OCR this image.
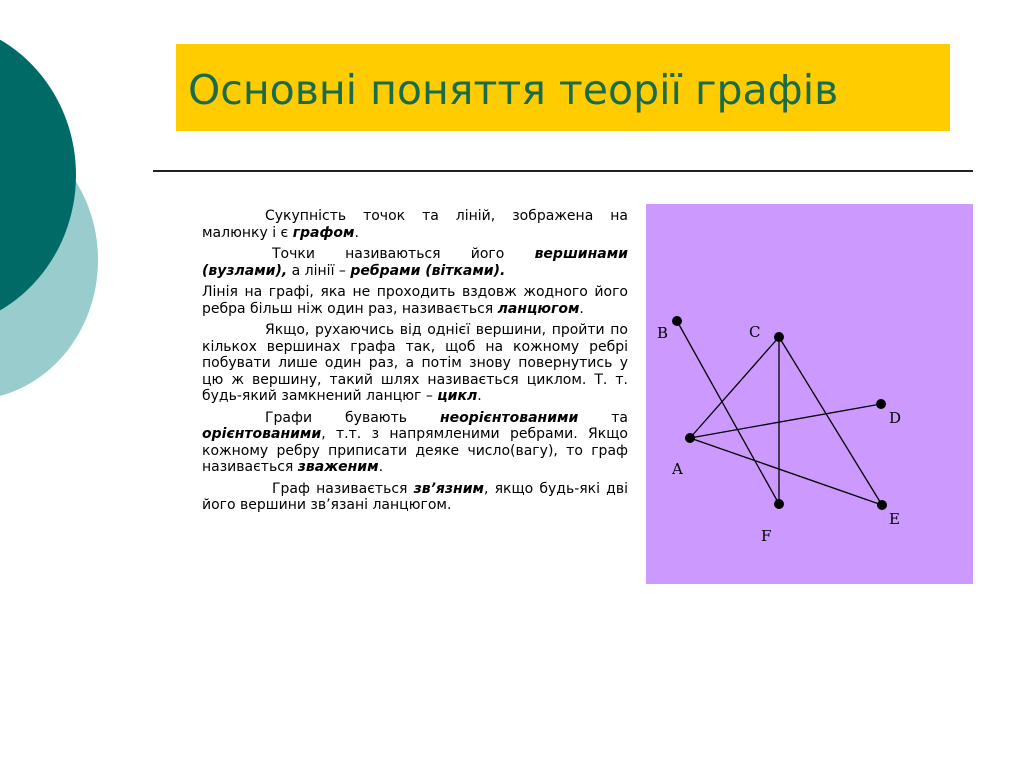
Основні поняття теорії графів

Сукупність точок та ліній, зображена на малюнку і є графом.

Точки називаються його вершинами (вузлами), а лінії – ребрами (вітками).

Лінія на графі, яка не проходить вздовж жодного його ребра більш ніж один раз, називається ланцюгом.

Якщо, рухаючись від однієї вершини, пройти по кількох вершинах графа так, щоб на кожному ребрі побувати лише один раз, а потім знову повернутись у цю ж вершину, такий шлях називається циклом. Т. т. будь-який замкнений ланцюг – цикл.

Графи бувають неорієнтованими та орієнтованими, т.т. з напрямленими ребрами. Якщо кожному ребру приписати деяке число(вагу), то граф називається зваженим.

Граф називається зв’язним, якщо будь-які дві його вершини зв’язані ланцюгом.

A
B	C
D
E
F
